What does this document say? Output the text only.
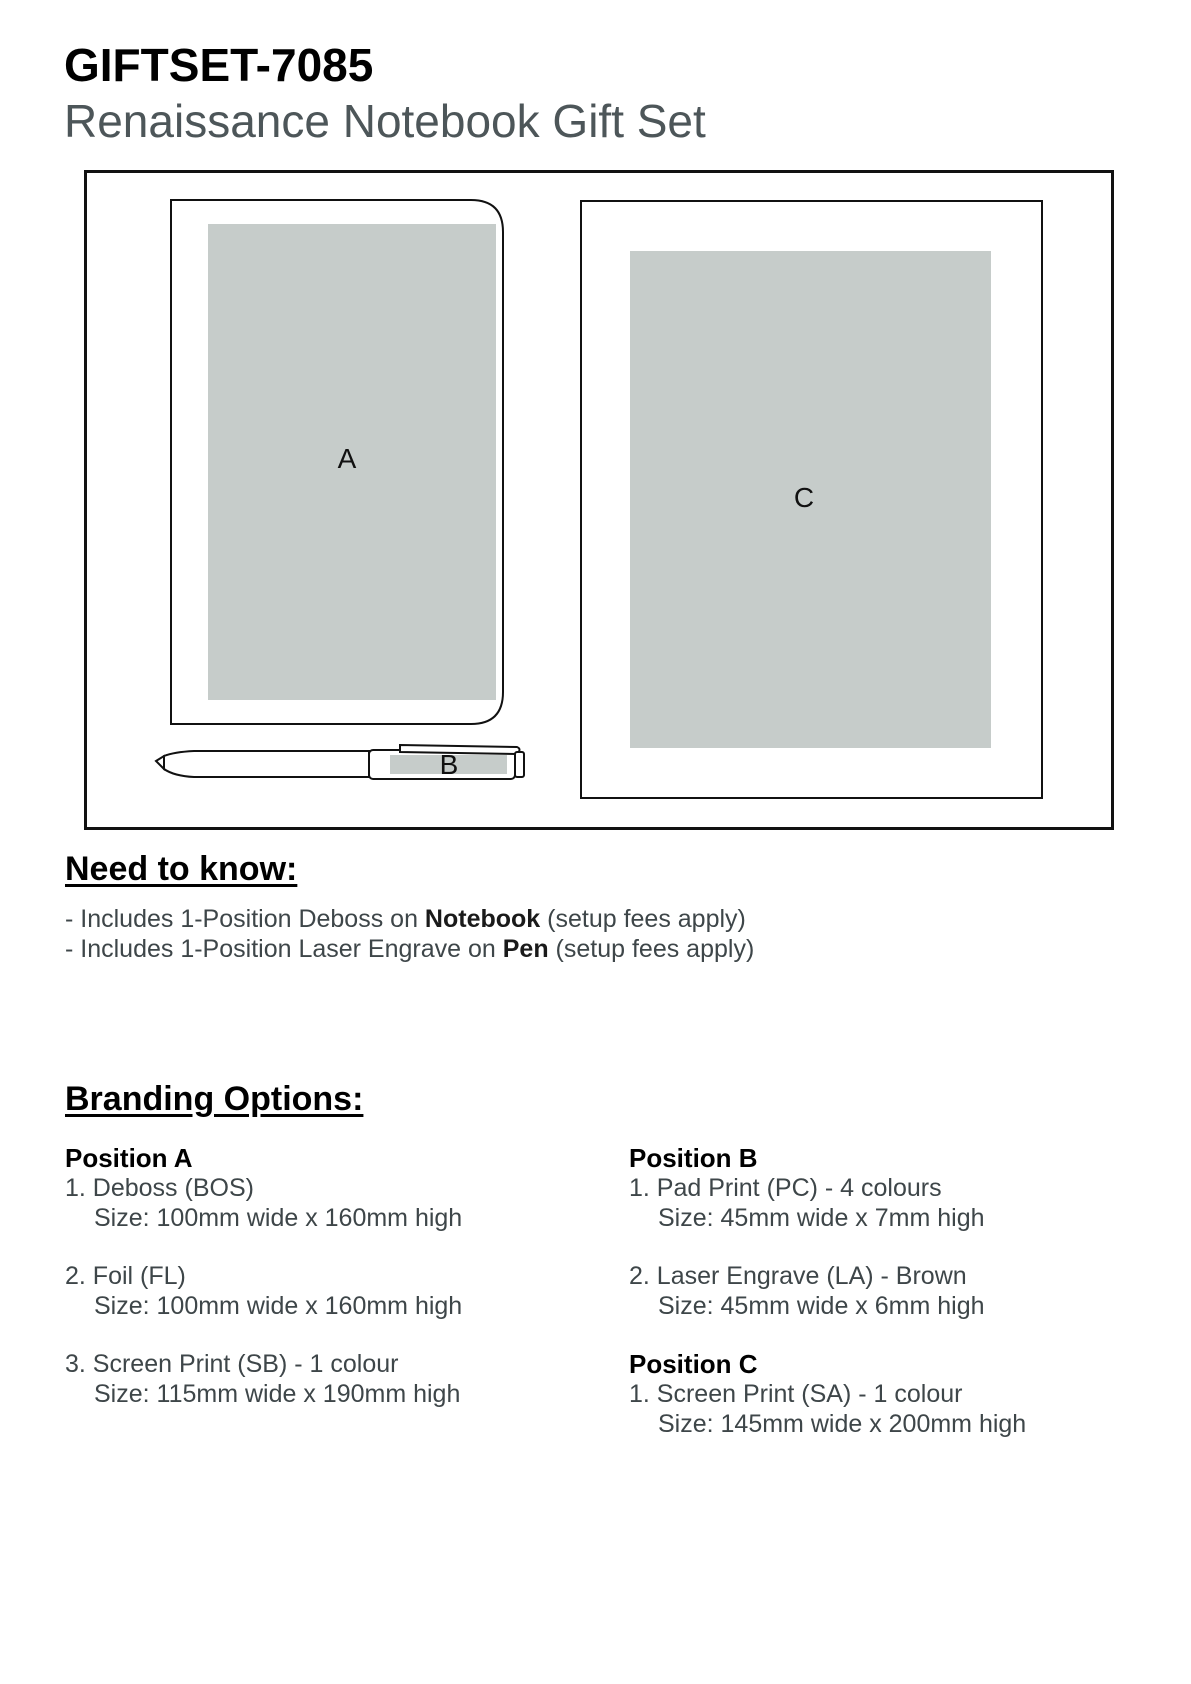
GIFTSET-7085
Renaissance Notebook Gift Set
A
C
B
Need to know:
- Includes 1-Position Deboss on Notebook (setup fees apply)
- Includes 1-Position Laser Engrave on Pen (setup fees apply)
Branding Options:
Position A
1. Deboss (BOS)
Size: 100mm wide x 160mm high
2. Foil (FL)
Size: 100mm wide x 160mm high
3. Screen Print (SB) - 1 colour
Size: 115mm wide x 190mm high
Position B
1. Pad Print (PC) - 4 colours
Size: 45mm wide x 7mm high
2. Laser Engrave (LA) - Brown
Size: 45mm wide x 6mm high
Position C
1. Screen Print (SA) - 1 colour
Size: 145mm wide x 200mm high
